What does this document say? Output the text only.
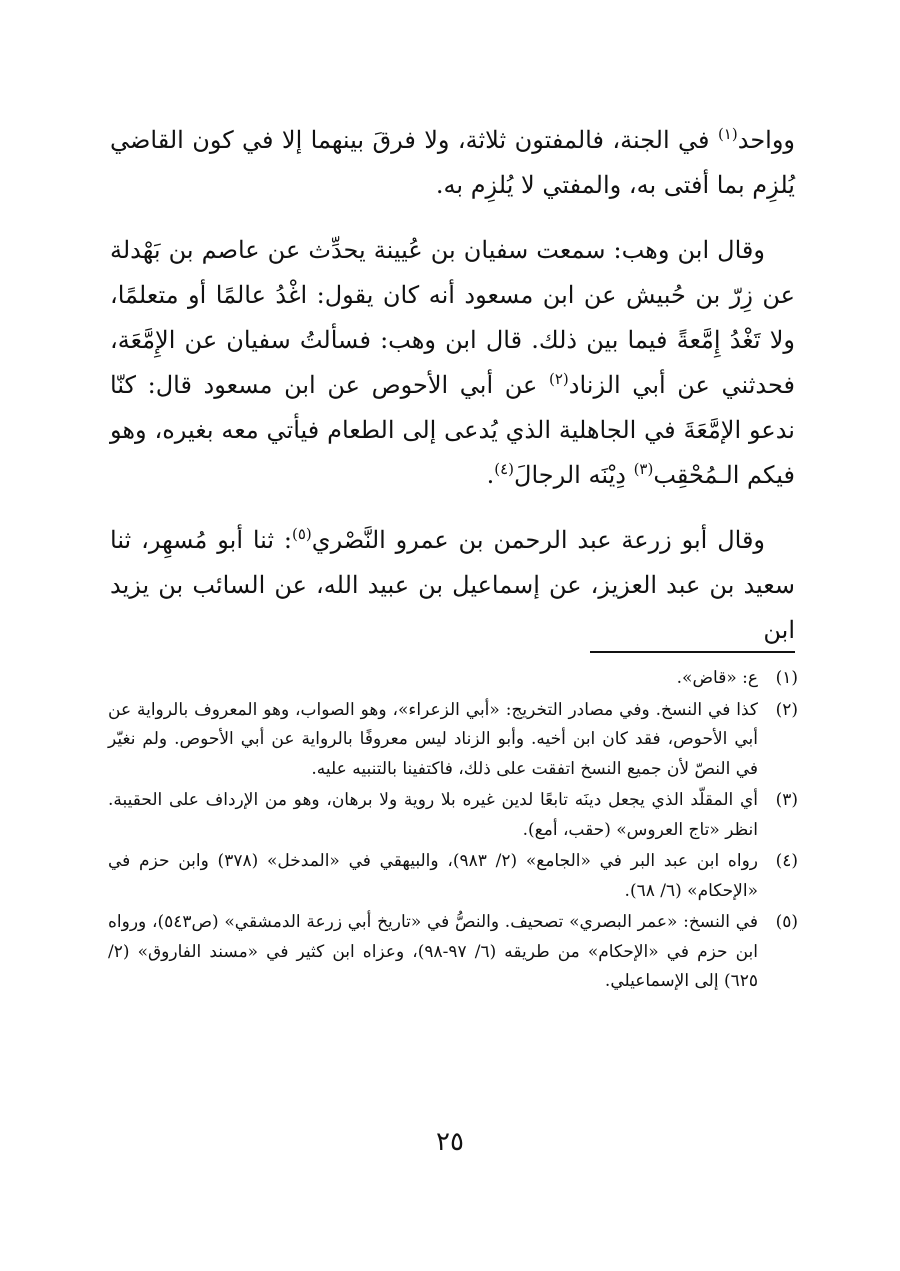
وواحد$^{(١)}$ في الجنة، فالمفتون ثلاثة، ولا فرقَ بينهما إلا في كون القاضي يُلزِم بما أفتى به، والمفتي لا يُلزِم به.

وقال ابن وهب: سمعت سفيان بن عُيينة يحدِّث عن عاصم بن بَهْدلة عن زِرّ بن حُبيش عن ابن مسعود أنه كان يقول: اغْدُ عالمًا أو متعلمًا، ولا تَغْدُ إِمَّعةً فيما بين ذلك. قال ابن وهب: فسألتُ سفيان عن الإِمَّعَة، فحدثني عن أبي الزناد$^{(٢)}$ عن أبي الأحوص عن ابن مسعود قال: كنّا ندعو الإمَّعَةَ في الجاهلية الذي يُدعى إلى الطعام فيأتي معه بغيره، وهو فيكم الـمُحْقِب$^{(٣)}$ دِيْنَه الرجالَ$^{(٤)}$.

وقال أبو زرعة عبد الرحمن بن عمرو النَّصْري$^{(٥)}$: ثنا أبو مُسهِر، ثنا سعيد بن عبد العزيز، عن إسماعيل بن عبيد الله، عن السائب بن يزيد ابن

(١)
ع: «قاض».
(٢)
كذا في النسخ. وفي مصادر التخريج: «أبي الزعراء»، وهو الصواب، وهو المعروف بالرواية عن أبي الأحوص، فقد كان ابن أخيه. وأبو الزناد ليس معروفًا بالرواية عن أبي الأحوص. ولم نغيّر في النصّ لأن جميع النسخ اتفقت على ذلك، فاكتفينا بالتنبيه عليه.
(٣)
أي المقلّد الذي يجعل دينَه تابعًا لدين غيره بلا روية ولا برهان، وهو من الإرداف على الحقيبة. انظر «تاج العروس» (حقب، أمع).
(٤)
رواه ابن عبد البر في «الجامع» (٢/ ٩٨٣)، والبيهقي في «المدخل» (٣٧٨) وابن حزم في «الإحكام» (٦/ ٦٨).
(٥)
في النسخ: «عمر البصري» تصحيف. والنصُّ في «تاريخ أبي زرعة الدمشقي» (ص٥٤٣)، ورواه ابن حزم في «الإحكام» من طريقه (٦/ ٩٧-٩٨)، وعزاه ابن كثير في «مسند الفاروق» (٢/ ٦٢٥) إلى الإسماعيلي.
٢٥
